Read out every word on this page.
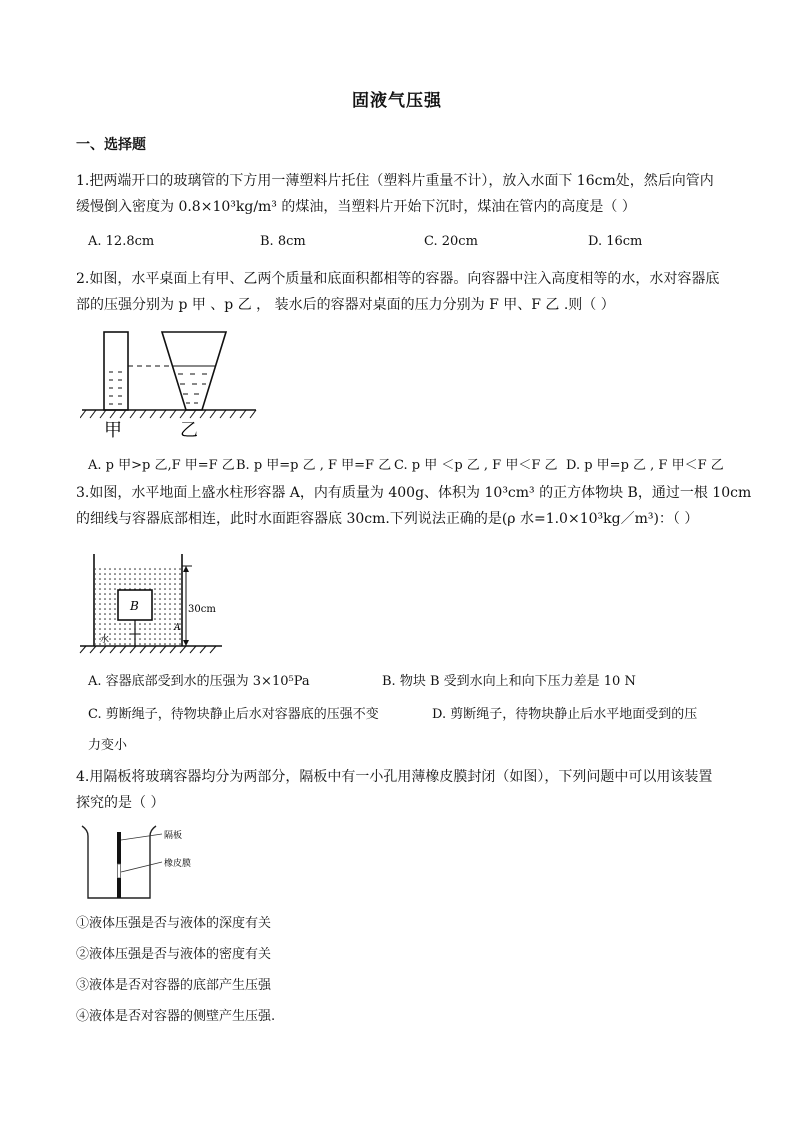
固液气压强
一、选择题
1.把两端开口的玻璃管的下方用一薄塑料片托住（塑料片重量不计），放入水面下 16cm处，然后向管内
缓慢倒入密度为 0.8×10³kg/m³ 的煤油，当塑料片开始下沉时，煤油在管内的高度是（ ）
A. 12.8cm	B. 8cm	C. 20cm	D. 16cm
2.如图，水平桌面上有甲、乙两个质量和底面积都相等的容器。向容器中注入高度相等的水，水对容器底
部的压强分别为 p 甲 、p 乙 ， 装水后的容器对桌面的压力分别为 F 甲、F 乙 .则（ ）
甲	乙
A. p 甲>p 乙,F 甲=F 乙 B. p 甲=p 乙 , F 甲=F 乙 C. p 甲 ＜p 乙 , F 甲＜F 乙 D. p 甲=p 乙 , F 甲＜F 乙
3.如图，水平地面上盛水柱形容器 A，内有质量为 400g、体积为 10³cm³ 的正方体物块 B，通过一根 10cm
的细线与容器底部相连，此时水面距容器底 30cm.下列说法正确的是(ρ 水=1.0×10³kg／m³)：（ ）
B
水
30cm
A
A. 容器底部受到水的压强为 3×10⁵Pa	B. 物块 B 受到水向上和向下压力差是 10 N
C. 剪断绳子，待物块静止后水对容器底的压强不变	D. 剪断绳子，待物块静止后水平地面受到的压
力变小
4.用隔板将玻璃容器均分为两部分，隔板中有一小孔用薄橡皮膜封闭（如图），下列问题中可以用该装置
探究的是（ ）
隔板
橡皮膜
①液体压强是否与液体的深度有关
②液体压强是否与液体的密度有关
③液体是否对容器的底部产生压强
④液体是否对容器的侧壁产生压强.
